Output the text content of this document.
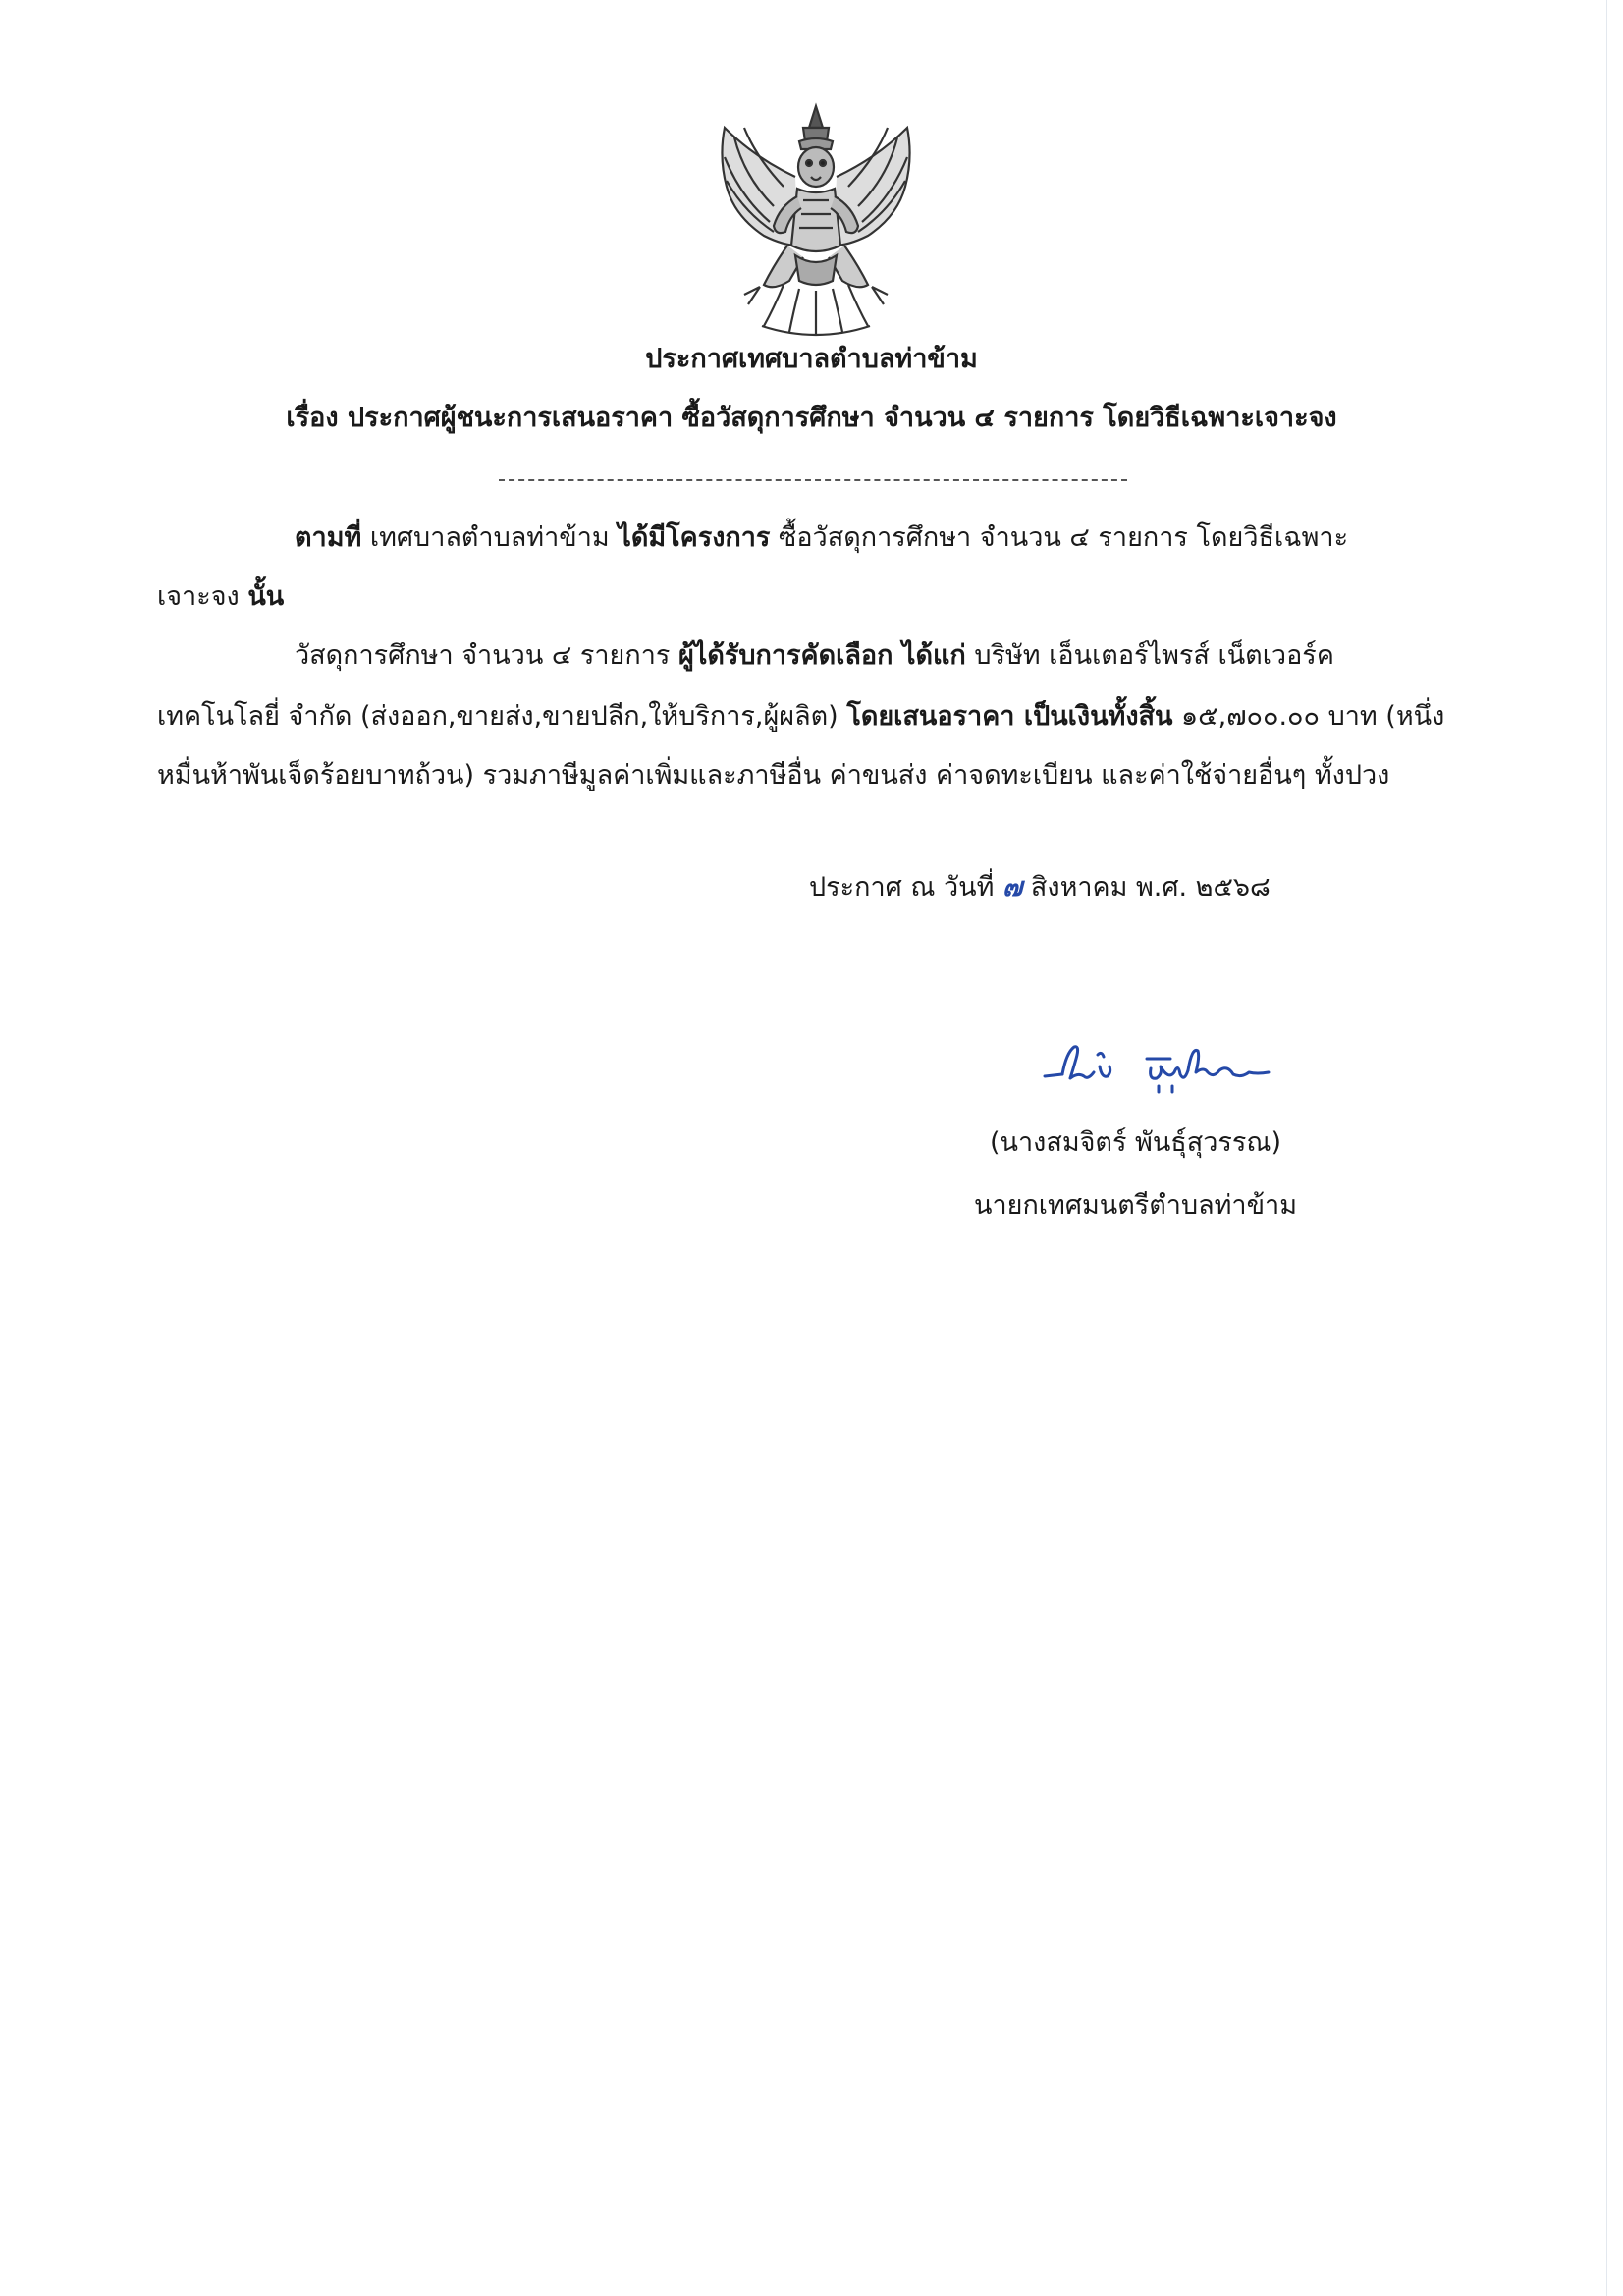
ประกาศเทศบาลตำบลท่าข้าม
เรื่อง ประกาศผู้ชนะการเสนอราคา ซื้อวัสดุการศึกษา จำนวน ๔ รายการ โดยวิธีเฉพาะเจาะจง
ตามที่ เทศบาลตำบลท่าข้าม ได้มีโครงการ ซื้อวัสดุการศึกษา จำนวน ๔ รายการ โดยวิธีเฉพาะ
เจาะจง นั้น
วัสดุการศึกษา จำนวน ๔ รายการ ผู้ได้รับการคัดเลือก ได้แก่ บริษัท เอ็นเตอร์ไพรส์ เน็ตเวอร์ค
เทคโนโลยี่ จำกัด (ส่งออก,ขายส่ง,ขายปลีก,ให้บริการ,ผู้ผลิต) โดยเสนอราคา เป็นเงินทั้งสิ้น ๑๕,๗๐๐.๐๐ บาท (หนึ่ง
หมื่นห้าพันเจ็ดร้อยบาทถ้วน) รวมภาษีมูลค่าเพิ่มและภาษีอื่น ค่าขนส่ง ค่าจดทะเบียน และค่าใช้จ่ายอื่นๆ ทั้งปวง
ประกาศ ณ วันที่ ๗ สิงหาคม พ.ศ. ๒๕๖๘
(นางสมจิตร์ พันธุ์สุวรรณ)
นายกเทศมนตรีตำบลท่าข้าม
